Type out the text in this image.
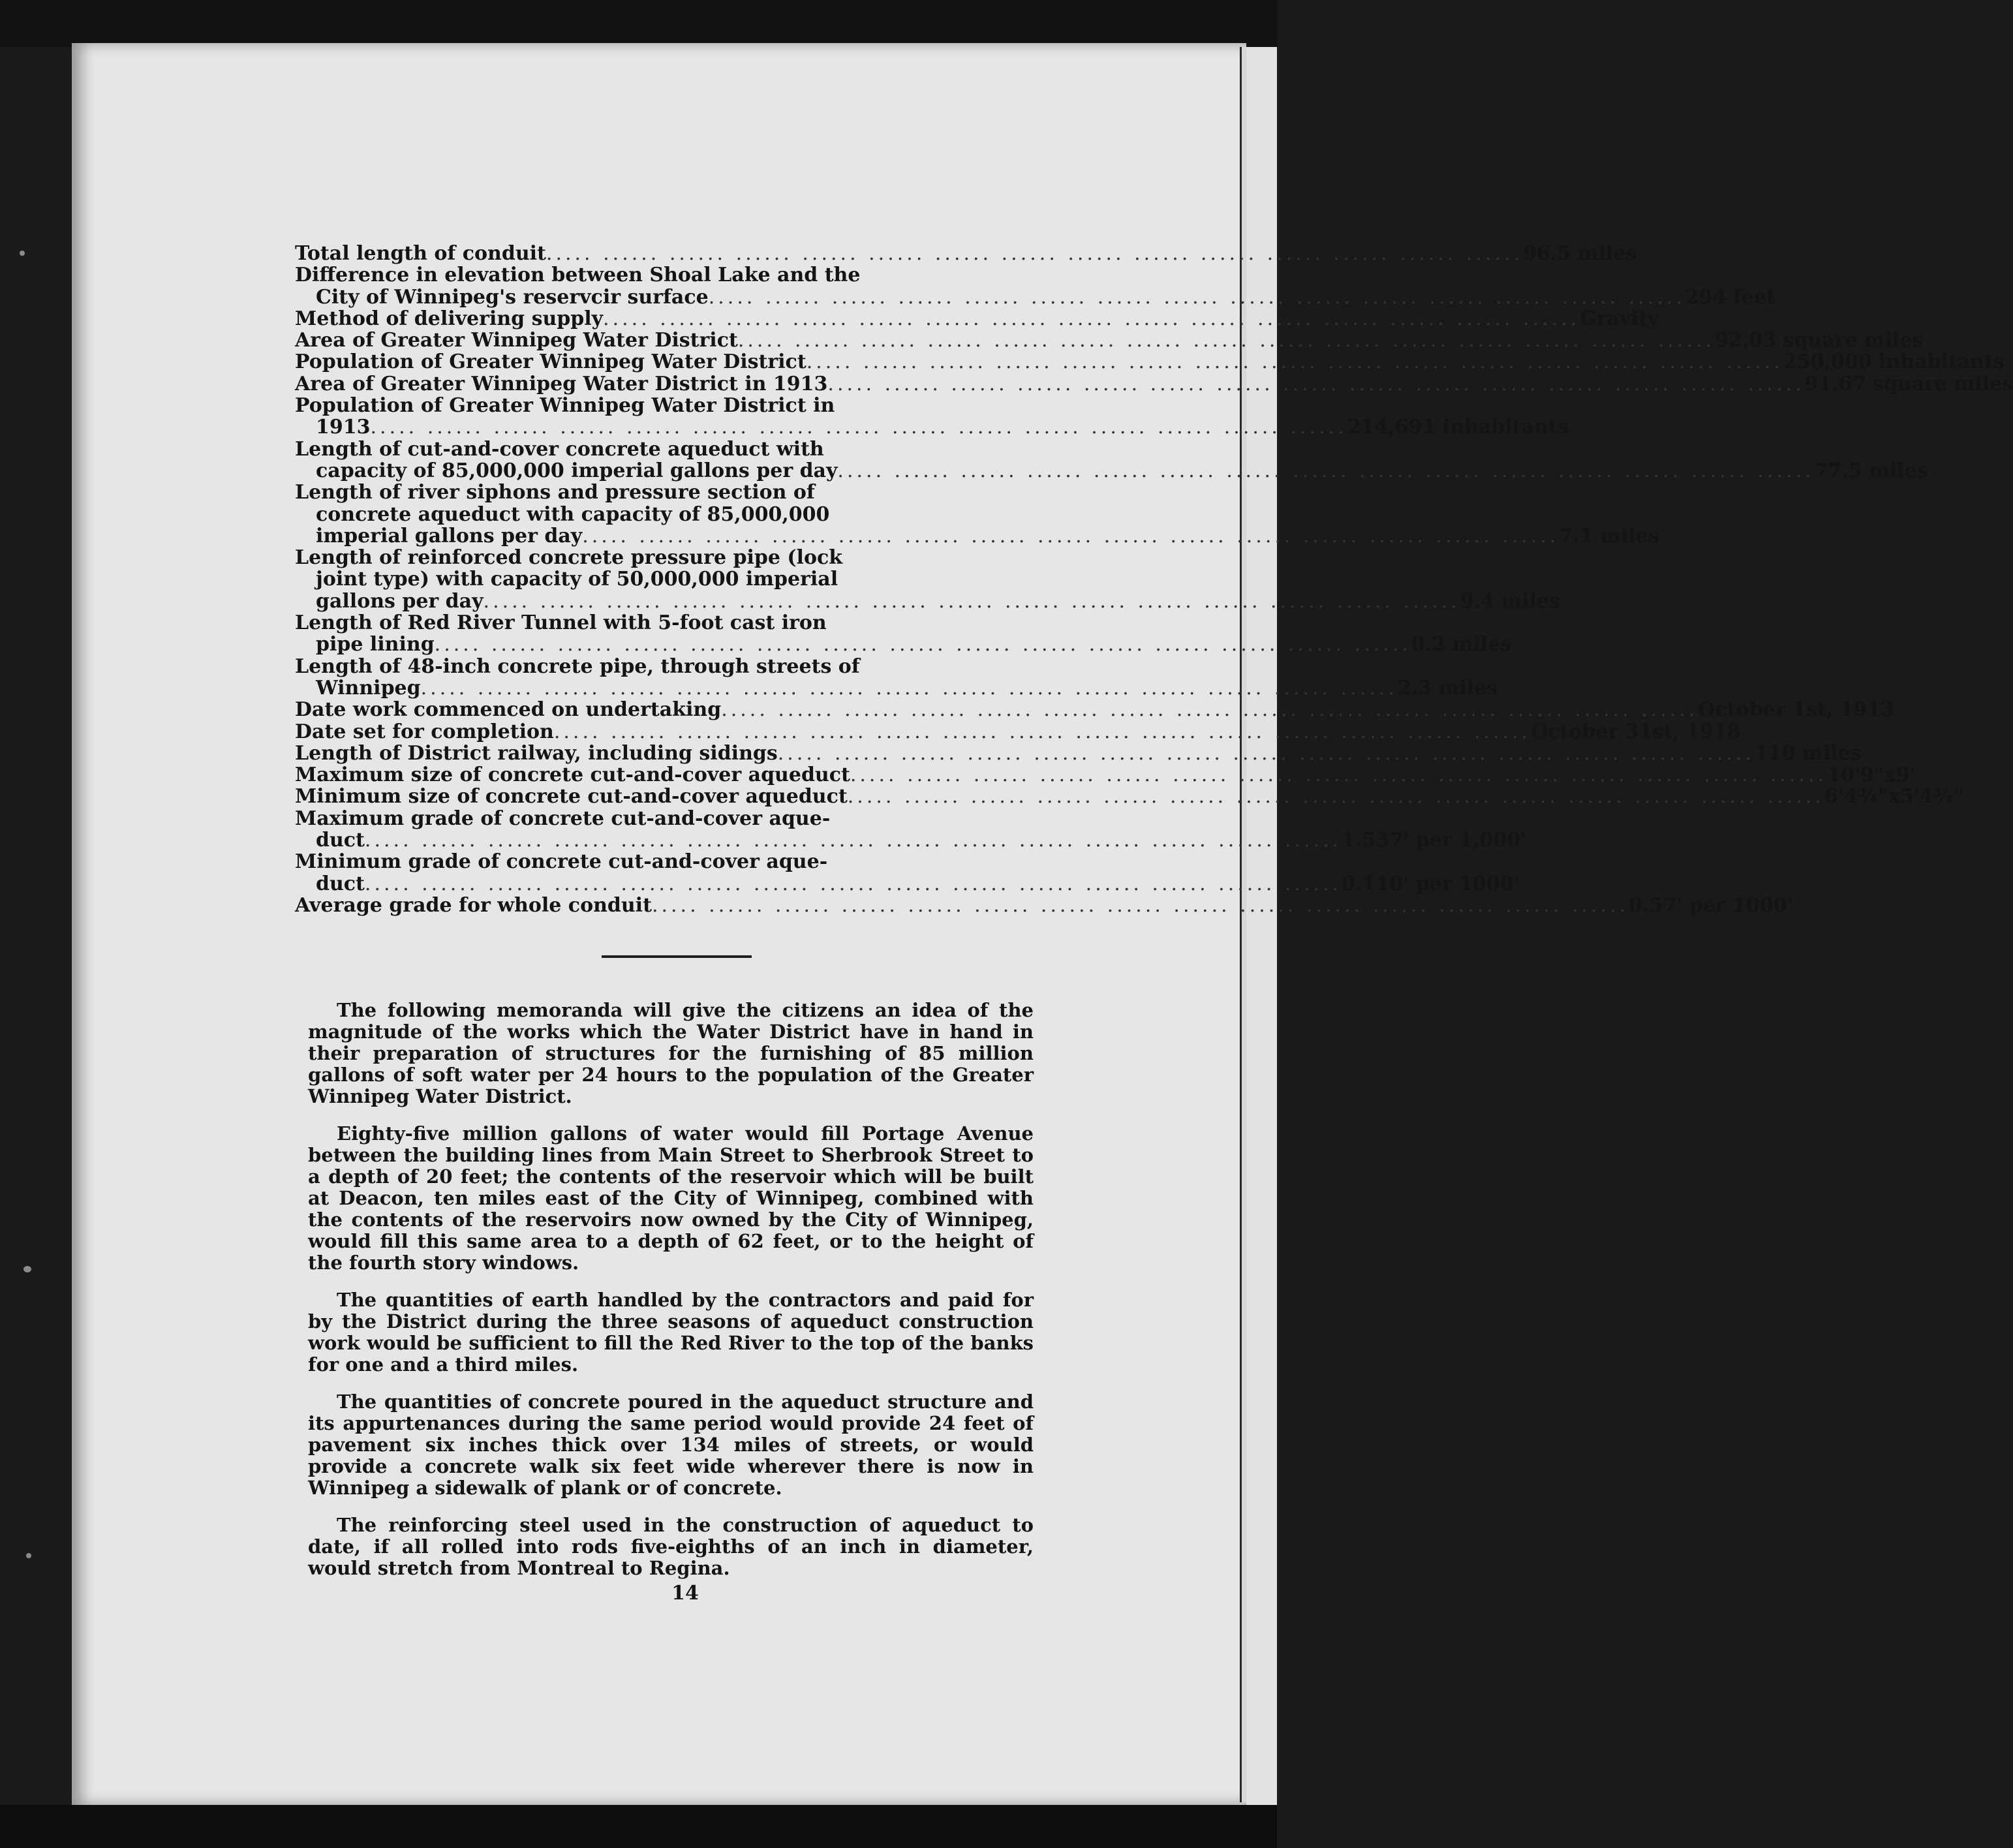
Total length of conduit ..... ...... ...... ...... ...... ...... ...... ...... ...... ...... ...... ...... ...... ...... ...... 96.5 miles
Difference in elevation between Shoal Lake and the
City of Winnipeg's reservcir surface ..... ...... ...... ...... ...... ...... ...... ...... ...... ...... ...... ...... ...... ...... ...... 294 feet
Method of delivering supply ..... ...... ...... ...... ...... ...... ...... ...... ...... ...... ...... ...... ...... ...... ...... Gravity
Area of Greater Winnipeg Water District ..... ...... ...... ...... ...... ...... ...... ...... ...... ...... ...... ...... ...... ...... ...... 92.03 square miles
Population of Greater Winnipeg Water District ..... ...... ...... ...... ...... ...... ...... ...... ...... ...... ...... ...... ...... ...... ...... 250,000 inhabitants
Area of Greater Winnipeg Water District in 1913 ..... ...... ...... ...... ...... ...... ...... ...... ...... ...... ...... ...... ...... ...... ...... 91.67 square miles
Population of Greater Winnipeg Water District in
1913 ..... ...... ...... ...... ...... ...... ...... ...... ...... ...... ...... ...... ...... ...... ...... 214,691 inhabitants
Length of cut-and-cover concrete aqueduct with
capacity of 85,000,000 imperial gallons per day ..... ...... ...... ...... ...... ...... ...... ...... ...... ...... ...... ...... ...... ...... ...... 77.5 miles
Length of river siphons and pressure section of
concrete aqueduct with capacity of 85,000,000
imperial gallons per day ..... ...... ...... ...... ...... ...... ...... ...... ...... ...... ...... ...... ...... ...... ...... 7.1 miles
Length of reinforced concrete pressure pipe (lock
joint type) with capacity of 50,000,000 imperial
gallons per day ..... ...... ...... ...... ...... ...... ...... ...... ...... ...... ...... ...... ...... ...... ...... 9.4 miles
Length of Red River Tunnel with 5-foot cast iron
pipe lining ..... ...... ...... ...... ...... ...... ...... ...... ...... ...... ...... ...... ...... ...... ...... 0.2 miles
Length of 48-inch concrete pipe, through streets of
Winnipeg ..... ...... ...... ...... ...... ...... ...... ...... ...... ...... ...... ...... ...... ...... ...... 2.3 miles
Date work commenced on undertaking ..... ...... ...... ...... ...... ...... ...... ...... ...... ...... ...... ...... ...... ...... ...... October 1st, 1913
Date set for completion ..... ...... ...... ...... ...... ...... ...... ...... ...... ...... ...... ...... ...... ...... ...... October 31st, 1918
Length of District railway, including sidings ..... ...... ...... ...... ...... ...... ...... ...... ...... ...... ...... ...... ...... ...... ...... 110 miles
Maximum size of concrete cut-and-cover aqueduct ..... ...... ...... ...... ...... ...... ...... ...... ...... ...... ...... ...... ...... ...... ...... 10'9"x9'
Minimum size of concrete cut-and-cover aqueduct ..... ...... ...... ...... ...... ...... ...... ...... ...... ...... ...... ...... ...... ...... ...... 6'4¾"x5'4¾"
Maximum grade of concrete cut-and-cover aque-
duct ..... ...... ...... ...... ...... ...... ...... ...... ...... ...... ...... ...... ...... ...... ...... 1.537' per 1,000'
Minimum grade of concrete cut-and-cover aque-
duct ..... ...... ...... ...... ...... ...... ...... ...... ...... ...... ...... ...... ...... ...... ...... 0.110' per 1000'
Average grade for whole conduit ..... ...... ...... ...... ...... ...... ...... ...... ...... ...... ...... ...... ...... ...... ...... 0.57' per 1000'

The following memoranda will give the citizens an idea of the magnitude of the works which the Water District have in hand in their preparation of structures for the furnishing of 85 million gallons of soft water per 24 hours to the population of the Greater Winnipeg Water District.

Eighty-five million gallons of water would fill Portage Avenue between the building lines from Main Street to Sherbrook Street to a depth of 20 feet; the contents of the reservoir which will be built at Deacon, ten miles east of the City of Winnipeg, combined with the contents of the reservoirs now owned by the City of Winnipeg, would fill this same area to a depth of 62 feet, or to the height of the fourth story windows.

The quantities of earth handled by the contractors and paid for by the District during the three seasons of aqueduct construction work would be sufficient to fill the Red River to the top of the banks for one and a third miles.

The quantities of concrete poured in the aqueduct structure and its appurtenances during the same period would provide 24 feet of pavement six inches thick over 134 miles of streets, or would provide a concrete walk six feet wide wherever there is now in Winnipeg a sidewalk of plank or of concrete.

The reinforcing steel used in the construction of aqueduct to date, if all rolled into rods five-eighths of an inch in diameter, would stretch from Montreal to Regina.

14
